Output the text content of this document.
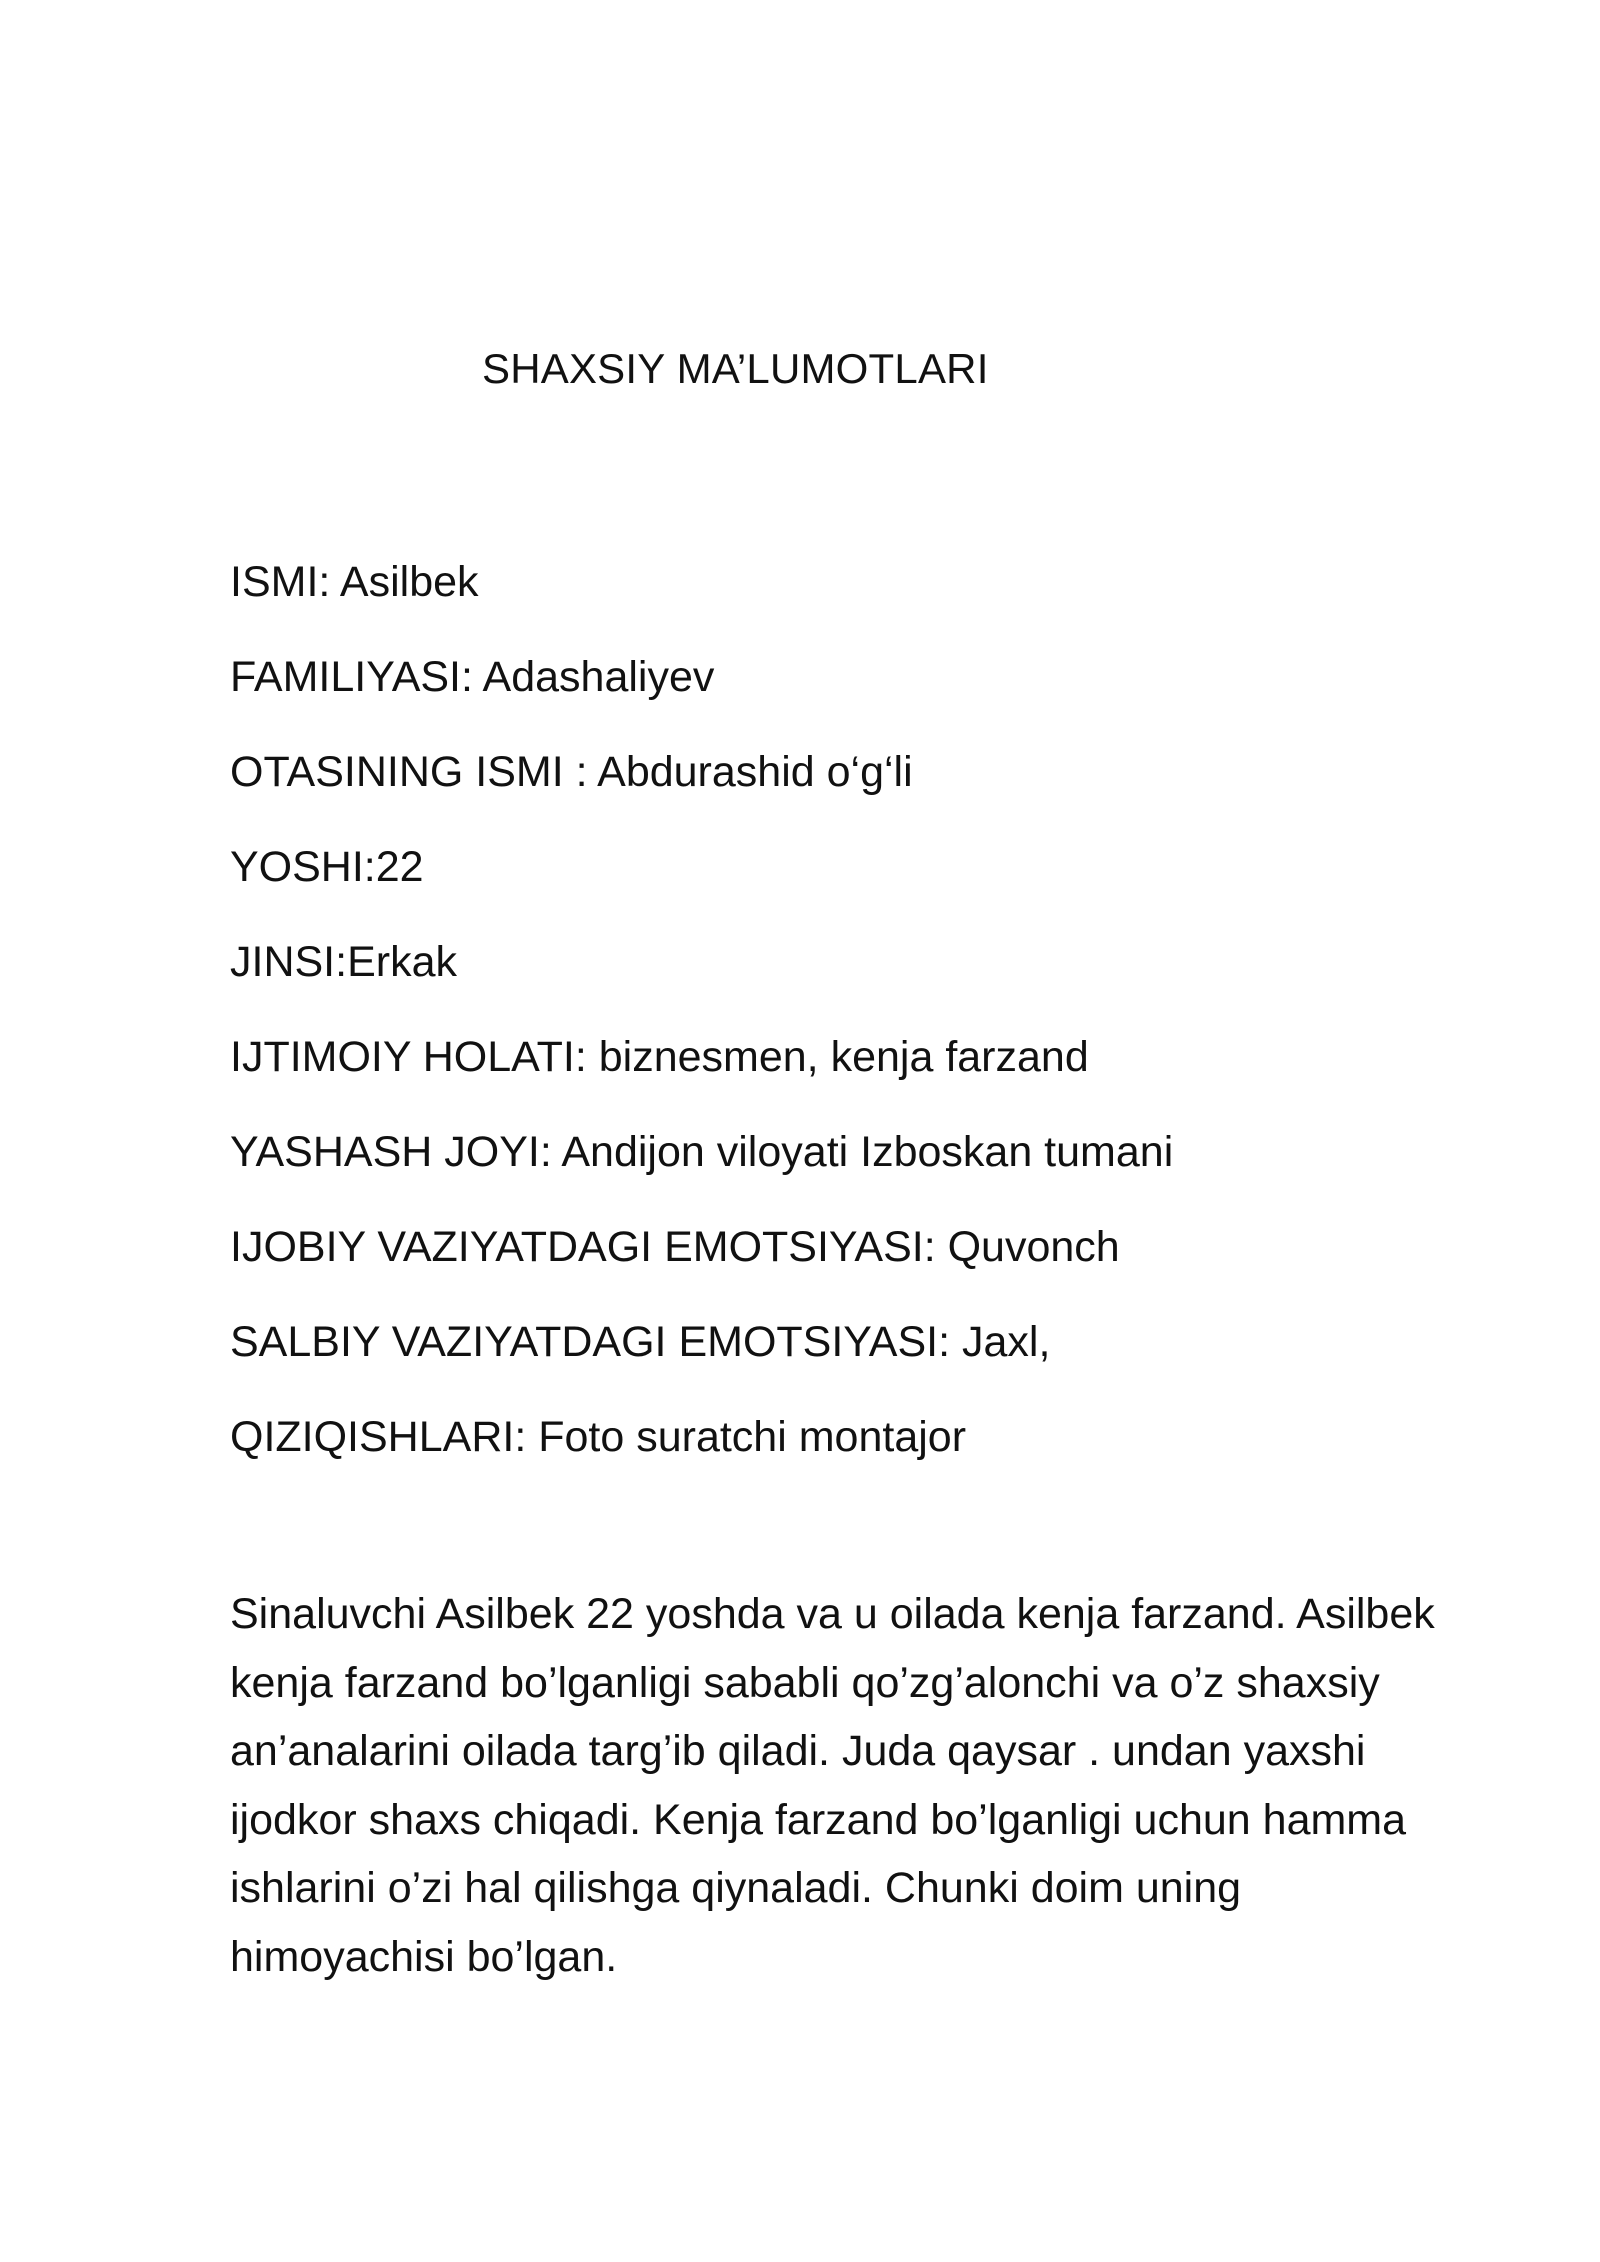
SHAXSIY MA’LUMOTLARI
ISMI: Asilbek
FAMILIYASI: Adashaliyev
OTASINING ISMI : Abdurashid o‘g‘li
YOSHI:22
JINSI:Erkak
IJTIMOIY HOLATI: biznesmen, kenja farzand
YASHASH JOYI: Andijon viloyati Izboskan tumani
IJOBIY VAZIYATDAGI EMOTSIYASI: Quvonch
SALBIY VAZIYATDAGI EMOTSIYASI: Jaxl,
QIZIQISHLARI: Foto suratchi montajor

Sinaluvchi Asilbek 22 yoshda va u oilada kenja farzand. Asilbek
kenja farzand bo’lganligi sababli qo’zg’alonchi va o’z shaxsiy
an’analarini oilada targ’ib qiladi. Juda qaysar . undan yaxshi
ijodkor shaxs chiqadi. Kenja farzand bo’lganligi uchun hamma
ishlarini o’zi hal qilishga qiynaladi. Chunki doim uning
himoyachisi bo’lgan.
